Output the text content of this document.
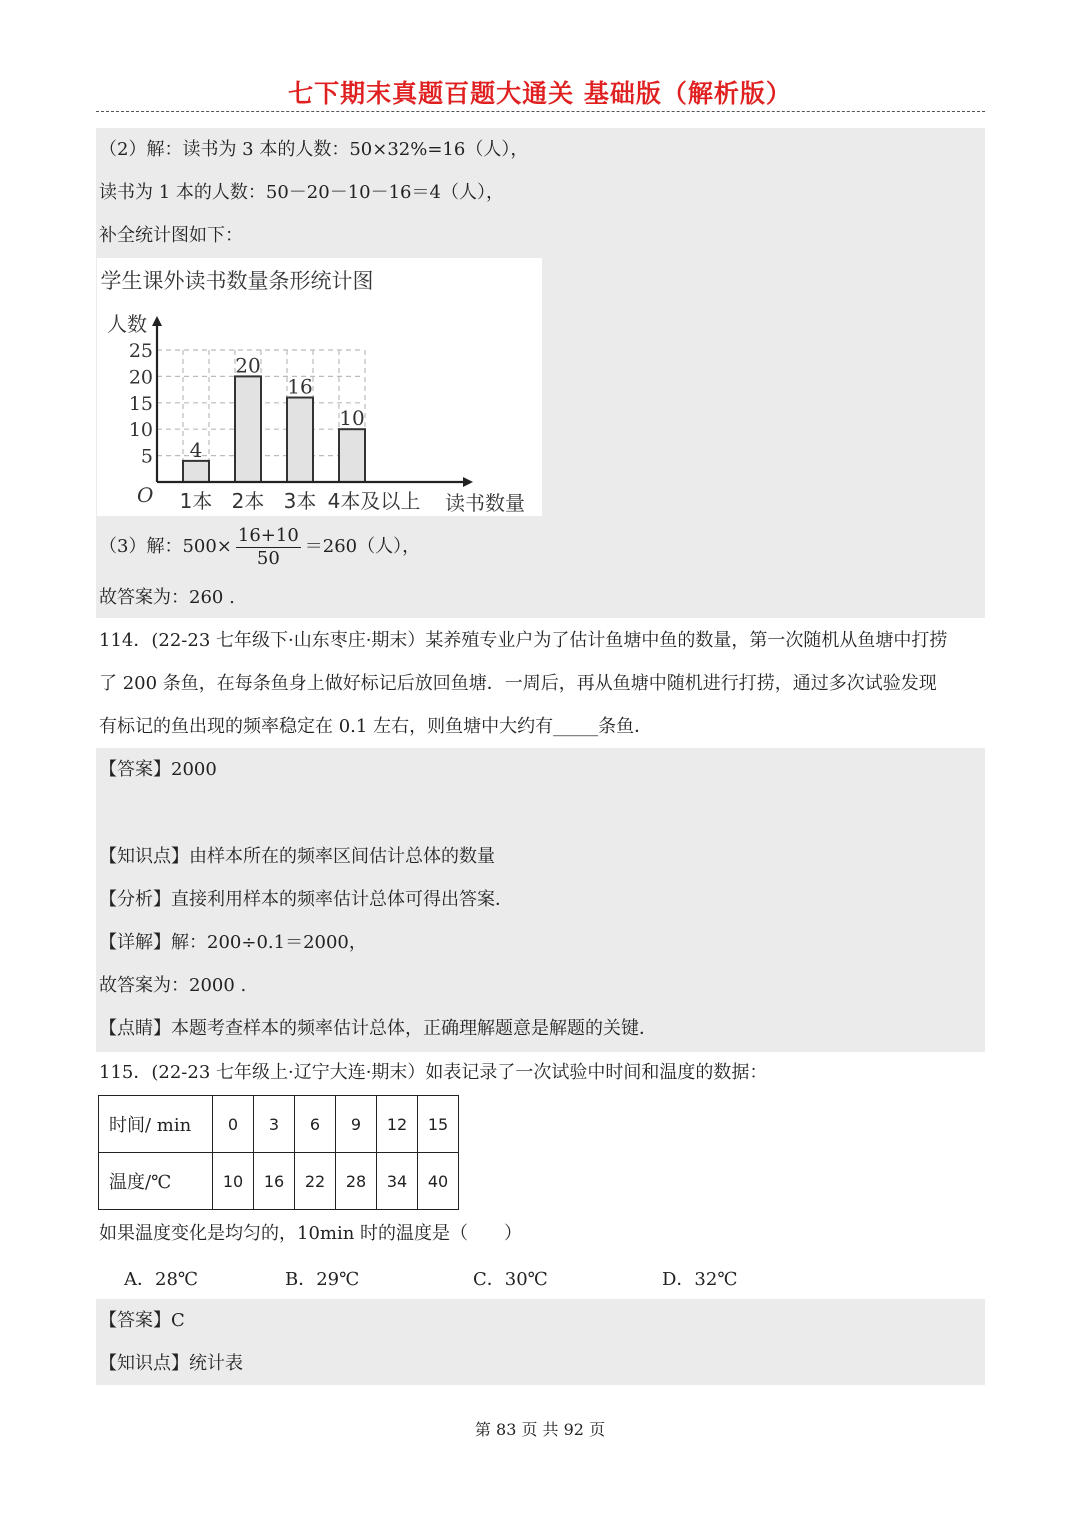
七下期末真题百题大通关 基础版（解析版）
（2）解：读书为 3 本的人数：50×32%=16（人），
读书为 1 本的人数：50－20－10－16＝4（人），
补全统计图如下：
学生课外读书数量条形统计图
人数
读书数量
O
4
20
16
10
5
10
15
20
25
1本 2本 3本 4本及以上
（3）解：$500\times \frac{16+10}{50} =260$（人），
故答案为：260 .
114．(22-23 七年级下·山东枣庄·期末）某养殖专业户为了估计鱼塘中鱼的数量，第一次随机从鱼塘中打捞
了 200 条鱼，在每条鱼身上做好标记后放回鱼塘．一周后，再从鱼塘中随机进行打捞，通过多次试验发现
有标记的鱼出现的频率稳定在 0.1 左右，则鱼塘中大约有_____条鱼．
【答案】2000
【知识点】由样本所在的频率区间估计总体的数量
【分析】直接利用样本的频率估计总体可得出答案．
【详解】解：200÷0.1＝2000，
故答案为：2000 .
【点睛】本题考查样本的频率估计总体，正确理解题意是解题的关键．
115．(22-23 七年级上·辽宁大连·期末）如表记录了一次试验中时间和温度的数据：
时间/ min	0	3	6	9	12	15
温度/℃	10	16	22	28	34	40
如果温度变化是均匀的，10min 时的温度是（　　）
A．28℃	B．29℃	C．30℃	D．32℃
【答案】C
【知识点】统计表
第 83 页 共 92 页
